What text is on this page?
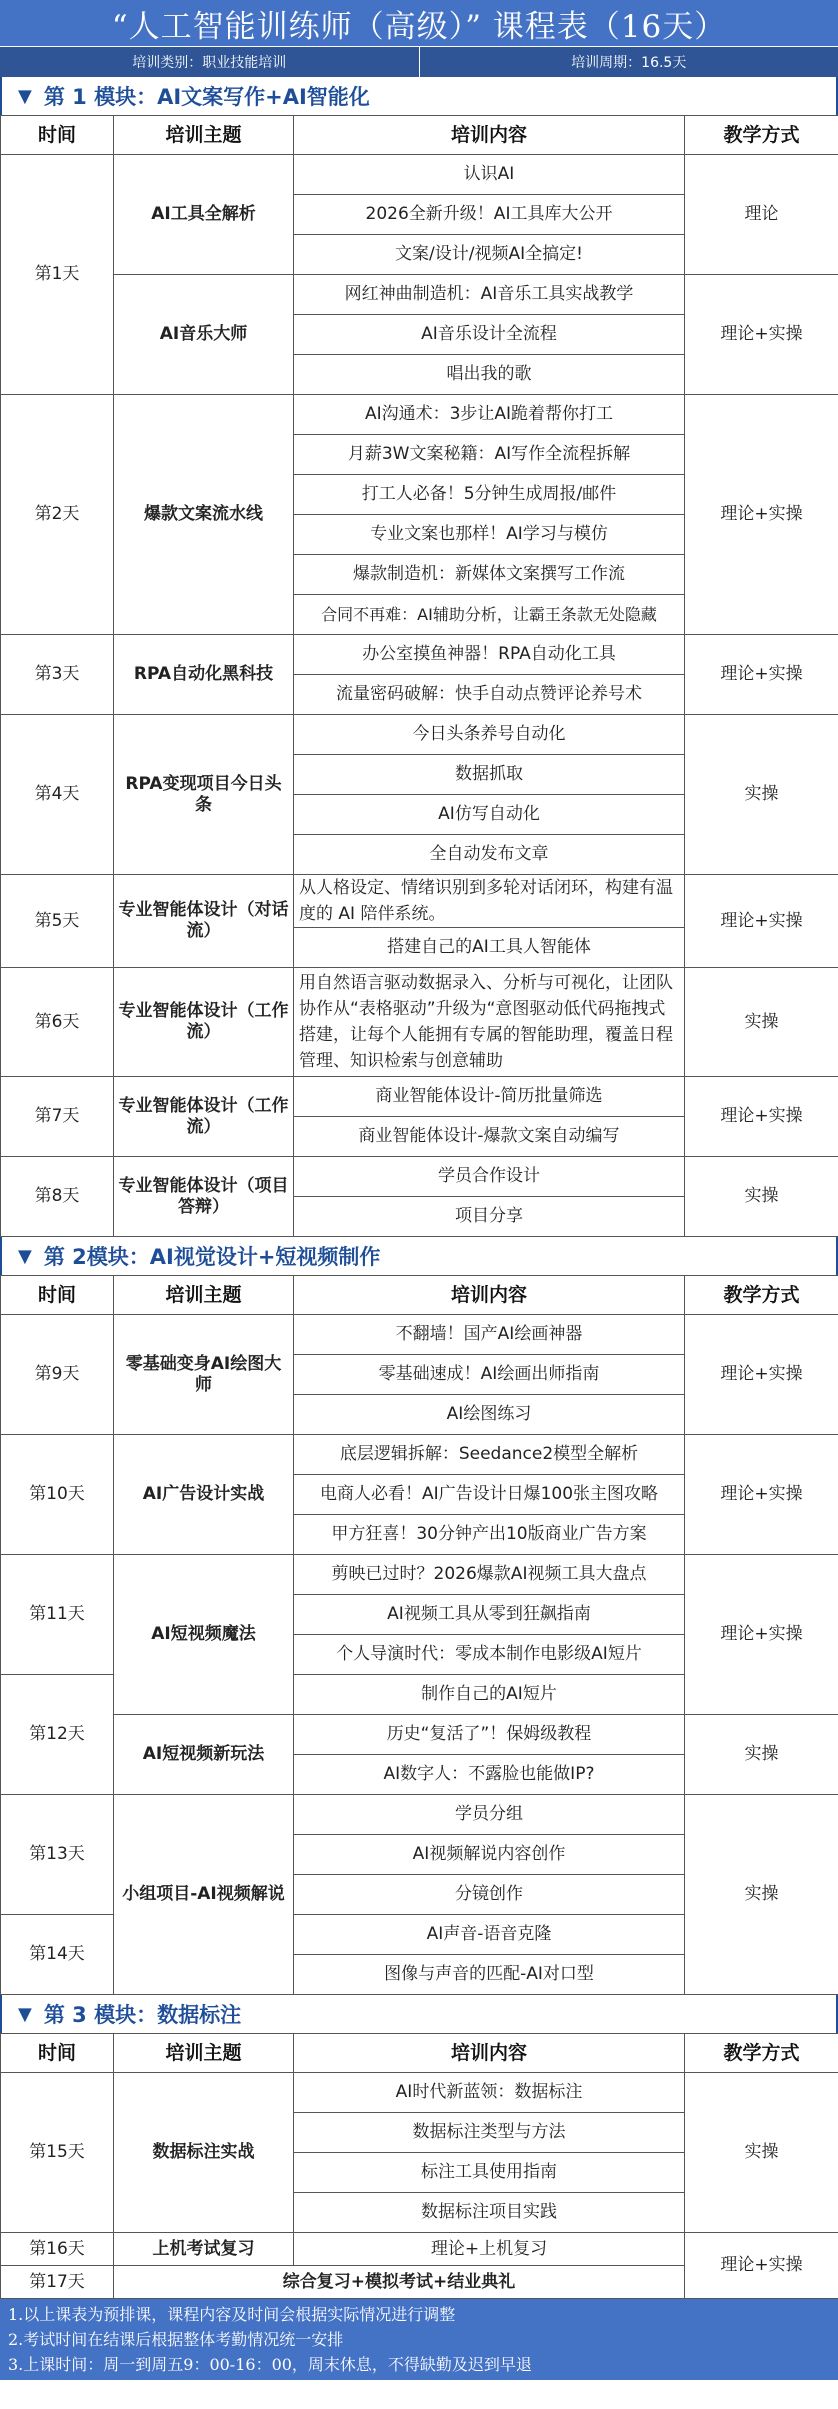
“人工智能训练师（高级）” 课程表（16天）
培训类别：职业技能培训	培训周期：16.5天
▼ 第 1 模块：AI文案写作+AI智能化
时间	培训主题	培训内容	教学方式
第1天	AI工具全解析	认识AI	理论
		2026全新升级！AI工具库大公开	
		文案/设计/视频AI全搞定!	
	AI音乐大师	网红神曲制造机：AI音乐工具实战教学	理论+实操
		AI音乐设计全流程	
		唱出我的歌	
第2天	爆款文案流水线	AI沟通术：3步让AI跪着帮你打工	理论+实操
		月薪3W文案秘籍：AI写作全流程拆解	
		打工人必备！5分钟生成周报/邮件	
		专业文案也那样！AI学习与模仿	
		爆款制造机：新媒体文案撰写工作流	
		合同不再难：AI辅助分析，让霸王条款无处隐藏	
第3天	RPA自动化黑科技	办公室摸鱼神器！RPA自动化工具	理论+实操
		流量密码破解：快手自动点赞评论养号术	
第4天	RPA变现项目今日头条	今日头条养号自动化	实操
		数据抓取	
		AI仿写自动化	
		全自动发布文章	
第5天	专业智能体设计（对话流）	从人格设定、情绪识别到多轮对话闭环，构建有温度的 AI 陪伴系统。	理论+实操
		搭建自己的AI工具人智能体	
第6天	专业智能体设计（工作流）	用自然语言驱动数据录入、分析与可视化，让团队协作从“表格驱动”升级为“意图驱动低代码拖拽式搭建，让每个人能拥有专属的智能助理，覆盖日程管理、知识检索与创意辅助	实操
第7天	专业智能体设计（工作流）	商业智能体设计-简历批量筛选	理论+实操
		商业智能体设计-爆款文案自动编写	
第8天	专业智能体设计（项目答辩）	学员合作设计	实操
		项目分享	
▼ 第 2模块：AI视觉设计+短视频制作
时间	培训主题	培训内容	教学方式
第9天	零基础变身AI绘图大师	不翻墙！国产AI绘画神器	理论+实操
		零基础速成！AI绘画出师指南	
		AI绘图练习	
第10天	AI广告设计实战	底层逻辑拆解：Seedance2模型全解析	理论+实操
		电商人必看！AI广告设计日爆100张主图攻略	
		甲方狂喜！30分钟产出10版商业广告方案	
第11天	AI短视频魔法	剪映已过时？2026爆款AI视频工具大盘点	理论+实操
		AI视频工具从零到狂飙指南	
		个人导演时代：零成本制作电影级AI短片	
第12天		制作自己的AI短片	
	AI短视频新玩法	历史“复活了”！保姆级教程	实操
		AI数字人：不露脸也能做IP?	
第13天	小组项目-AI视频解说	学员分组	实操
		AI视频解说内容创作	
		分镜创作	
第14天		AI声音-语音克隆	
		图像与声音的匹配-AI对口型	
▼ 第 3 模块：数据标注
时间	培训主题	培训内容	教学方式
第15天	数据标注实战	AI时代新蓝领：数据标注	实操
		数据标注类型与方法	
		标注工具使用指南	
		数据标注项目实践	
第16天	上机考试复习	理论+上机复习	理论+实操
第17天	综合复习+模拟考试+结业典礼		
1.以上课表为预排课，课程内容及时间会根据实际情况进行调整
2.考试时间在结课后根据整体考勤情况统一安排
3.上课时间：周一到周五9：00-16：00，周末休息，不得缺勤及迟到早退
